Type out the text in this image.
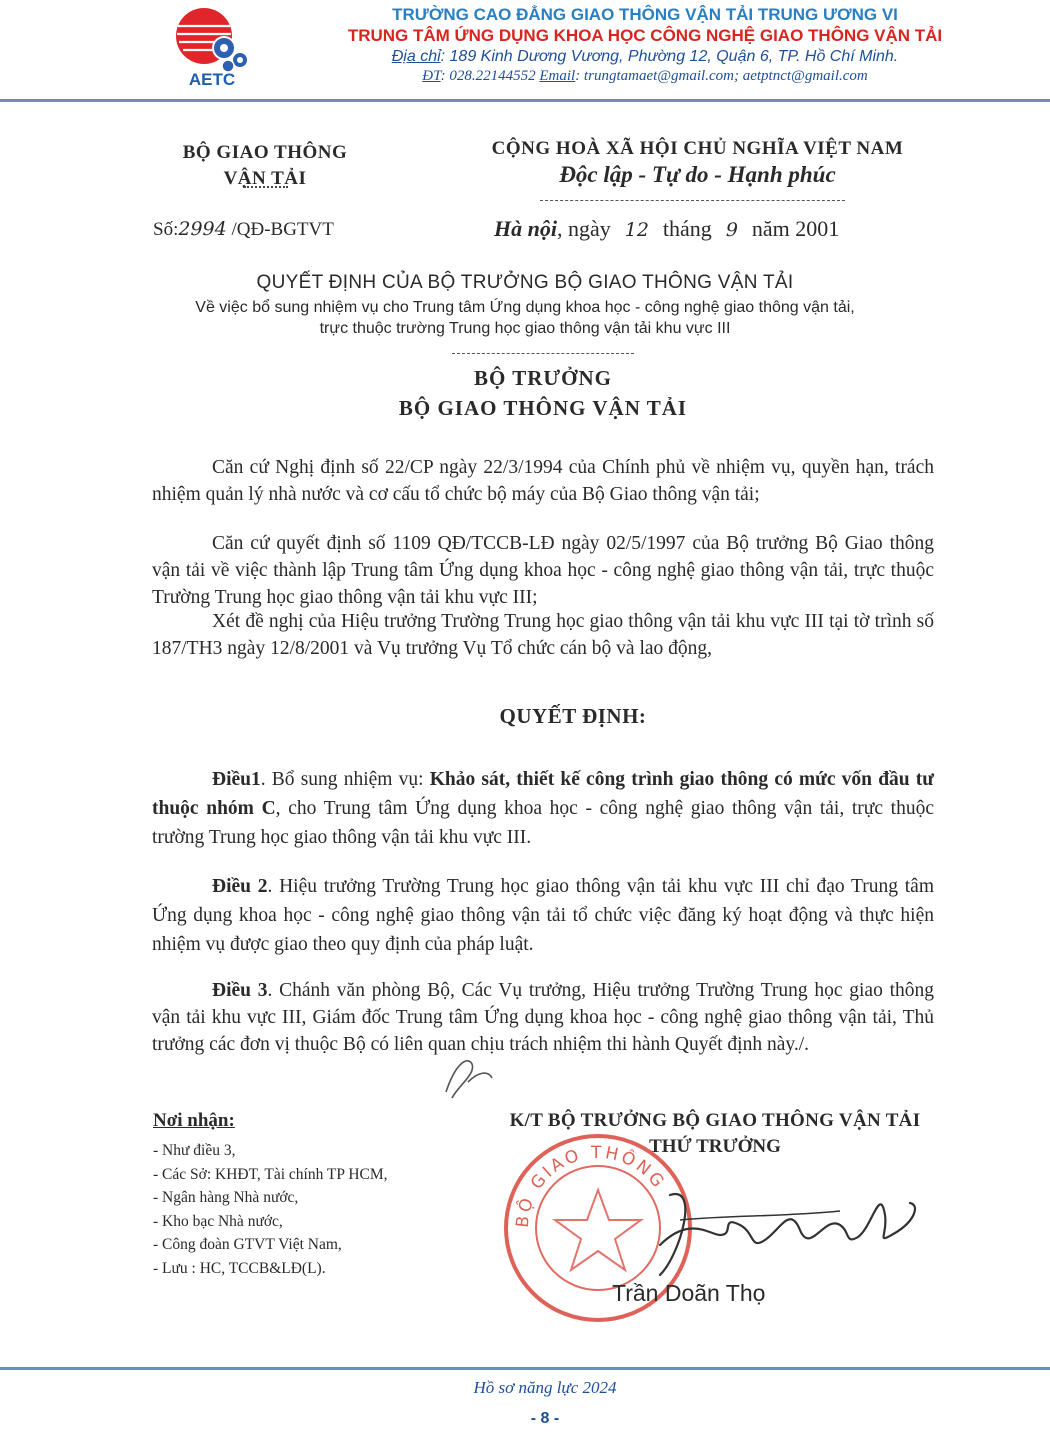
AETC
TRƯỜNG CAO ĐẲNG GIAO THÔNG VẬN TẢI TRUNG ƯƠNG VI
TRUNG TÂM ỨNG DỤNG KHOA HỌC CÔNG NGHỆ GIAO THÔNG VẬN TẢI
Địa chỉ: 189 Kinh Dương Vương, Phường 12, Quận 6, TP. Hồ Chí Minh.
ĐT: 028.22144552 Email: trungtamaet@gmail.com; aetptnct@gmail.com
BỘ GIAO THÔNG
VẬN TẢI
Số:2994 /QĐ-BGTVT
CỘNG HOÀ XÃ HỘI CHỦ NGHĨA VIỆT NAM
Độc lập - Tự do - Hạnh phúc
Hà nội, ngày 12 tháng 9 năm 2001
QUYẾT ĐỊNH CỦA BỘ TRƯỞNG BỘ GIAO THÔNG VẬN TẢI
Về việc bổ sung nhiệm vụ cho Trung tâm Ứng dụng khoa học - công nghệ giao thông vận tải,
trực thuộc trường Trung học giao thông vận tải khu vực III
BỘ TRƯỞNG
BỘ GIAO THÔNG VẬN TẢI
Căn cứ Nghị định số 22/CP ngày 22/3/1994 của Chính phủ về nhiệm vụ, quyền hạn, trách nhiệm quản lý nhà nước và cơ cấu tổ chức bộ máy của Bộ Giao thông vận tải;
Căn cứ quyết định số 1109 QĐ/TCCB-LĐ ngày 02/5/1997 của Bộ trưởng Bộ Giao thông vận tải về việc thành lập Trung tâm Ứng dụng khoa học - công nghệ giao thông vận tải, trực thuộc Trường Trung học giao thông vận tải khu vực III;
Xét đề nghị của Hiệu trưởng Trường Trung học giao thông vận tải khu vực III tại tờ trình số 187/TH3 ngày 12/8/2001 và Vụ trưởng Vụ Tổ chức cán bộ và lao động,
QUYẾT ĐỊNH:
Điều1. Bổ sung nhiệm vụ: Khảo sát, thiết kế công trình giao thông có mức vốn đầu tư thuộc nhóm C, cho Trung tâm Ứng dụng khoa học - công nghệ giao thông vận tải, trực thuộc trường Trung học giao thông vận tải khu vực III.
Điều 2. Hiệu trưởng Trường Trung học giao thông vận tải khu vực III chỉ đạo Trung tâm Ứng dụng khoa học - công nghệ giao thông vận tải tổ chức việc đăng ký hoạt động và thực hiện nhiệm vụ được giao theo quy định của pháp luật.
Điều 3. Chánh văn phòng Bộ, Các Vụ trưởng, Hiệu trưởng Trường Trung học giao thông vận tải khu vực III, Giám đốc Trung tâm Ứng dụng khoa học - công nghệ giao thông vận tải, Thủ trưởng các đơn vị thuộc Bộ có liên quan chịu trách nhiệm thi hành Quyết định này./.
Nơi nhận:
- Như điều 3,
- Các Sở: KHĐT, Tài chính TP HCM,
- Ngân hàng Nhà nước,
- Kho bạc Nhà nước,
- Công đoàn GTVT Việt Nam,
- Lưu : HC, TCCB&LĐ(L).
BỘ GIAO THÔNG
K/T BỘ TRƯỞNG BỘ GIAO THÔNG VẬN TẢI
THỨ TRƯỞNG
Trần Doãn Thọ
Hồ sơ năng lực 2024
- 8 -
